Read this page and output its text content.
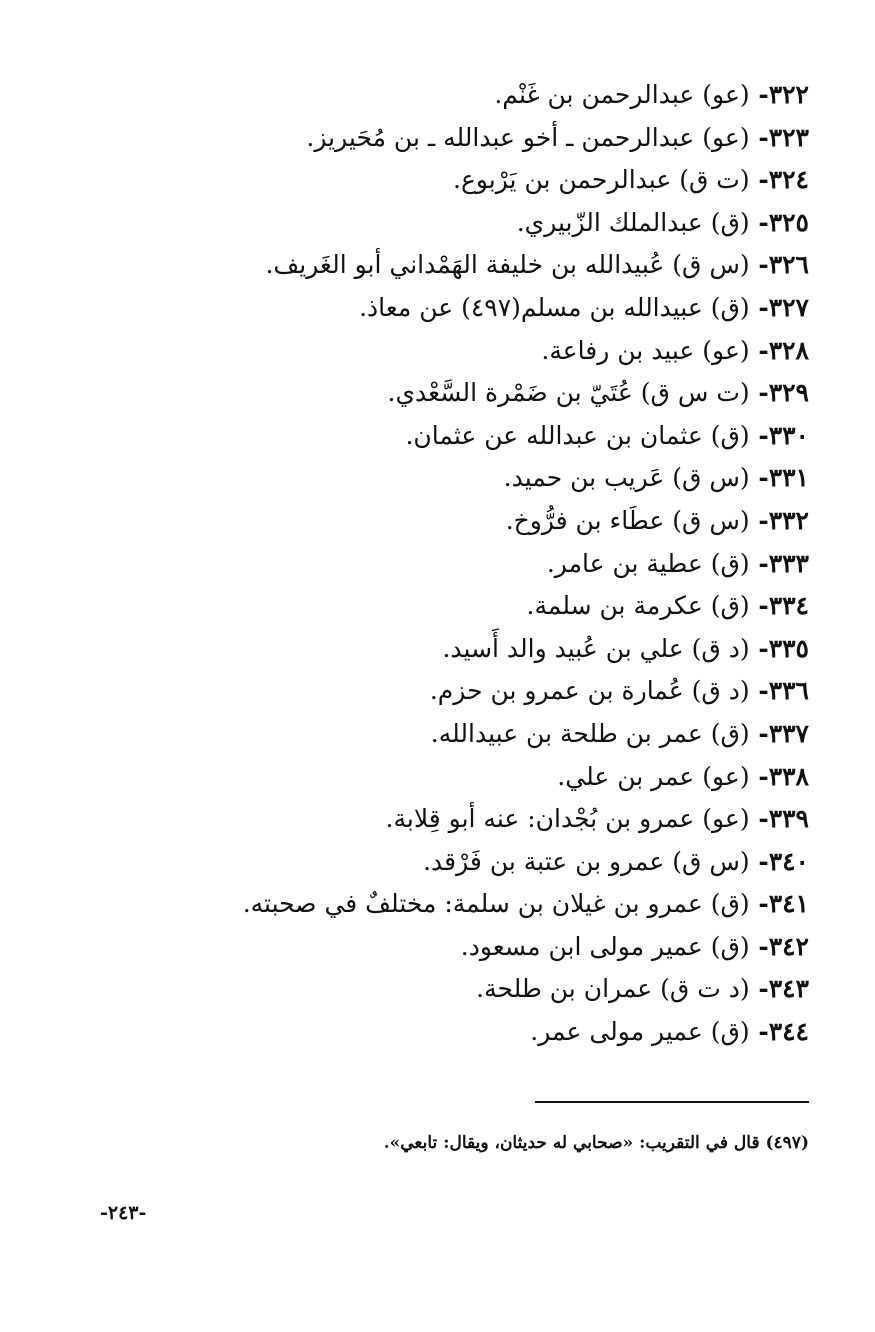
٣٢٢- (عو) عبدالرحمن بن غَنْم.
٣٢٣- (عو) عبدالرحمن ـ أخو عبدالله ـ بن مُحَيريز.
٣٢٤- (ت ق) عبدالرحمن بن يَرْبوع.
٣٢٥- (ق) عبدالملك الزّبيري.
٣٢٦- (س ق) عُبيدالله بن خليفة الهَمْداني أبو الغَريف.
٣٢٧- (ق) عبيدالله بن مسلم(٤٩٧) عن معاذ.
٣٢٨- (عو) عبيد بن رفاعة.
٣٢٩- (ت س ق) عُتَيّ بن ضَمْرة السَّعْدي.
٣٣٠- (ق) عثمان بن عبدالله عن عثمان.
٣٣١- (س ق) عَريب بن حميد.
٣٣٢- (س ق) عطَاء بن فرُّوخ.
٣٣٣- (ق) عطية بن عامر.
٣٣٤- (ق) عكرمة بن سلمة.
٣٣٥- (د ق) علي بن عُبيد والد أَسيد.
٣٣٦- (د ق) عُمارة بن عمرو بن حزم.
٣٣٧- (ق) عمر بن طلحة بن عبيدالله.
٣٣٨- (عو) عمر بن علي.
٣٣٩- (عو) عمرو بن بُجْدان: عنه أبو قِلابة.
٣٤٠- (س ق) عمرو بن عتبة بن فَرْقد.
٣٤١- (ق) عمرو بن غيلان بن سلمة: مختلفٌ في صحبته.
٣٤٢- (ق) عمير مولى ابن مسعود.
٣٤٣- (د ت ق) عمران بن طلحة.
٣٤٤- (ق) عمير مولى عمر.
(٤٩٧) قال في التقريب: «صحابي له حديثان، ويقال: تابعي».
-٢٤٣-
